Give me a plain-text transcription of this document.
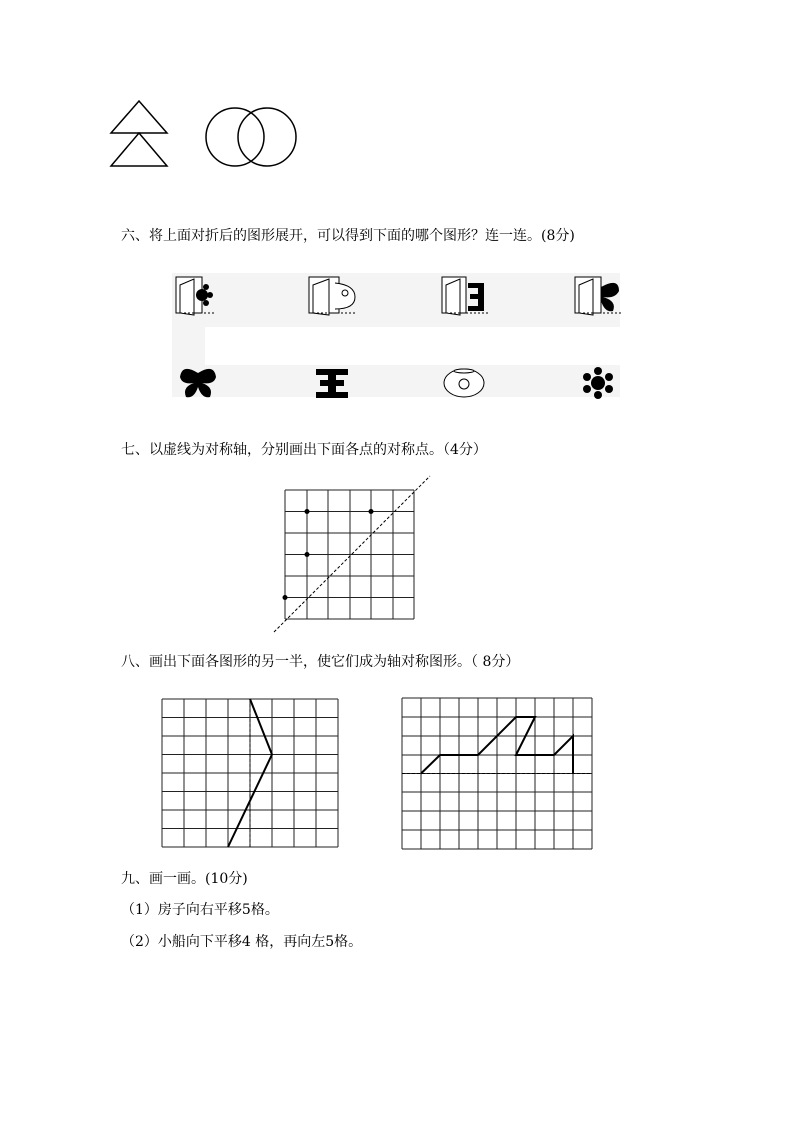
六、将上面对折后的图形展开，可以得到下面的哪个图形？连一连。(8分)
七、以虚线为对称轴，分别画出下面各点的对称点。（4分）
八、画出下面各图形的另一半，使它们成为轴对称图形。（ 8分）
九、画一画。(10分)
（1）房子向右平移5格。
（2）小船向下平移4 格，再向左5格。
